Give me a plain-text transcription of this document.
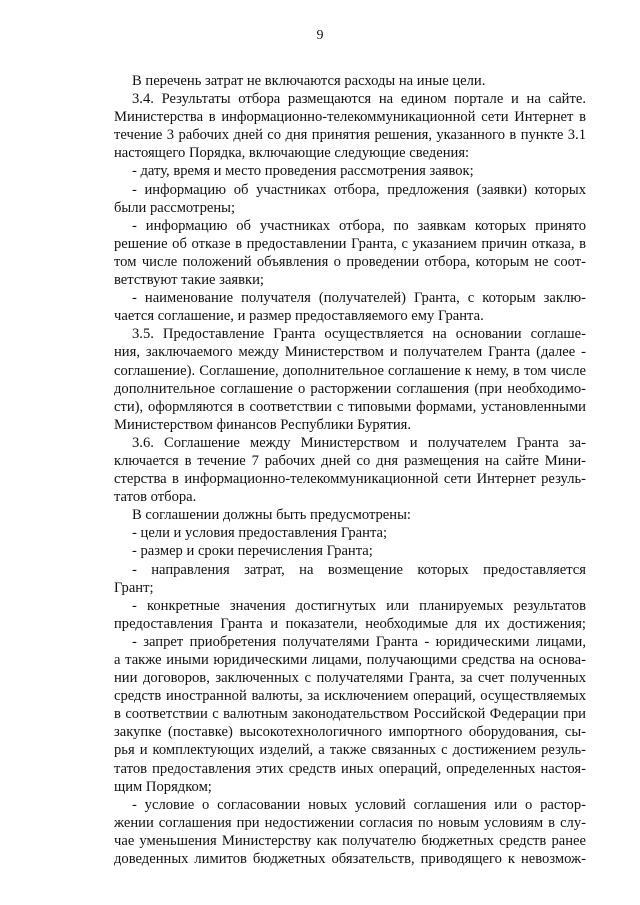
9
В перечень затрат не включаются расходы на иные цели.
3.4. Результаты отбора размещаются на едином портале и на сайте.
Министерства в информационно-телекоммуникационной сети Интернет в
течение 3 рабочих дней со дня принятия решения, указанного в пункте 3.1
настоящего Порядка, включающие следующие сведения:
- дату, время и место проведения рассмотрения заявок;
- информацию об участниках отбора, предложения (заявки) которых
были рассмотрены;
- информацию об участниках отбора, по заявкам которых принято
решение об отказе в предоставлении Гранта, с указанием причин отказа, в
том числе положений объявления о проведении отбора, которым не соот-
ветствуют такие заявки;
- наименование получателя (получателей) Гранта, с которым заклю-
чается соглашение, и размер предоставляемого ему Гранта.
3.5. Предоставление Гранта осуществляется на основании соглаше-
ния, заключаемого между Министерством и получателем Гранта (далее -
соглашение). Соглашение, дополнительное соглашение к нему, в том числе
дополнительное соглашение о расторжении соглашения (при необходимо-
сти), оформляются в соответствии с типовыми формами, установленными
Министерством финансов Республики Бурятия.
3.6. Соглашение между Министерством и получателем Гранта за-
ключается в течение 7 рабочих дней со дня размещения на сайте Мини-
стерства в информационно-телекоммуникационной сети Интернет резуль-
татов отбора.
В соглашении должны быть предусмотрены:
- цели и условия предоставления Гранта;
- размер и сроки перечисления Гранта;
- направления затрат, на возмещение которых предоставляется
Грант;
- конкретные значения достигнутых или планируемых результатов
предоставления Гранта и показатели, необходимые для их достижения;
- запрет приобретения получателями Гранта - юридическими лицами,
а также иными юридическими лицами, получающими средства на основа-
нии договоров, заключенных с получателями Гранта, за счет полученных
средств иностранной валюты, за исключением операций, осуществляемых
в соответствии с валютным законодательством Российской Федерации при
закупке (поставке) высокотехнологичного импортного оборудования, сы-
рья и комплектующих изделий, а также связанных с достижением резуль-
татов предоставления этих средств иных операций, определенных настоя-
щим Порядком;
- условие о согласовании новых условий соглашения или о растор-
жении соглашения при недостижении согласия по новым условиям в слу-
чае уменьшения Министерству как получателю бюджетных средств ранее
доведенных лимитов бюджетных обязательств, приводящего к невозмож-
